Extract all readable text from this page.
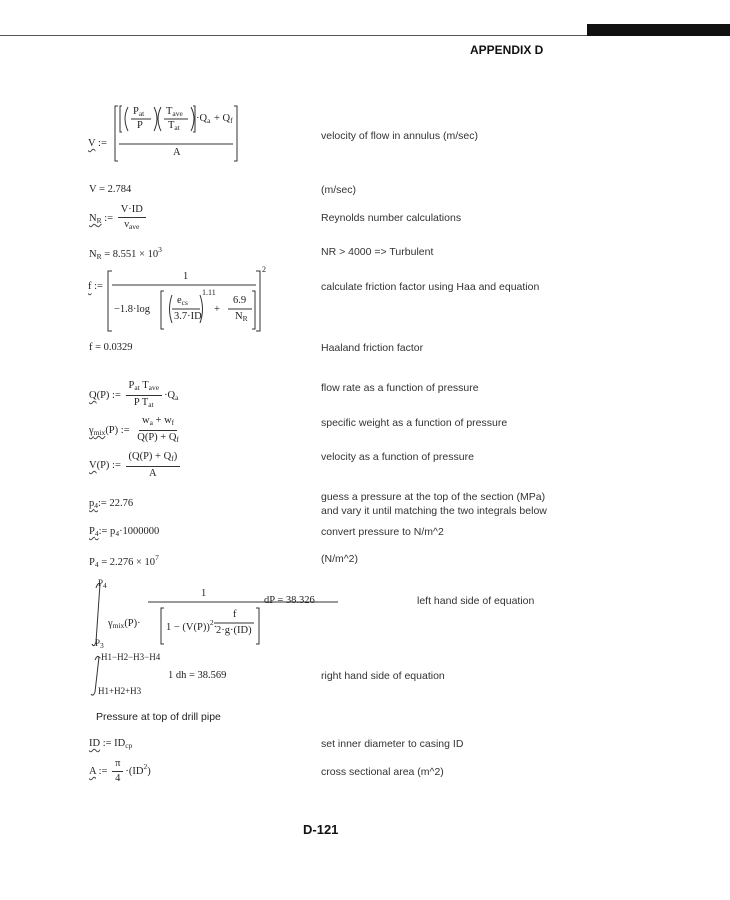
APPENDIX D
V :=
$P_{at}$
P
$T_{ave}$
$T_{at}$
$\cdot Q_a + Q_f$
A
velocity of flow in annulus (m/sec)
V = 2.784	(m/sec)
$N_R$ := $\frac{V\cdot ID}{\nu_{ave}}$	Reynolds number calculations
$N_R = 8.551 \times 10^3$	NR > 4000 => Turbulent
f :=
1
2
−1.8·log
$e_{cs}$
3.7·ID
1.11
+
6.9
$N_R$
calculate friction factor using Haa and equation
f = 0.0329	Haaland friction factor
Q(P) := $\frac{P_{at} T_{ave}}{P T_{at}} \cdot Q_a$
flow rate as a function of pressure
$\gamma_{mix}(P)$ := $\frac{w_a + w_f}{Q(P) + Q_f}$	specific weight as a function of pressure
V(P) := $\frac{(Q(P) + Q_f)}{A}$	velocity as a function of pressure
$p_4:= 22.76$
guess a pressure at the top of the section (MPa)
and vary it until matching the two integrals below
$P_4:= p_4\cdot 1000000$	convert pressure to N/m^2
$P_4 = 2.276 \times 10^7$	(N/m^2)
$P_4$
$P_3$
1
$\gamma_{mix}(P)\cdot 1 - (V(P))^2\cdot$
f
2·g·(ID)
dP = 38.326	left hand side of equation
-H1−H2−H3−H4
H1+H2+H3
1 dh = 38.569	right hand side of equation
Pressure at top of drill pipe
ID := $ID_{cp}$	set inner diameter to casing ID
A := $\frac{\pi}{4} \cdot(ID^2)$	cross sectional area (m^2)
D-121
